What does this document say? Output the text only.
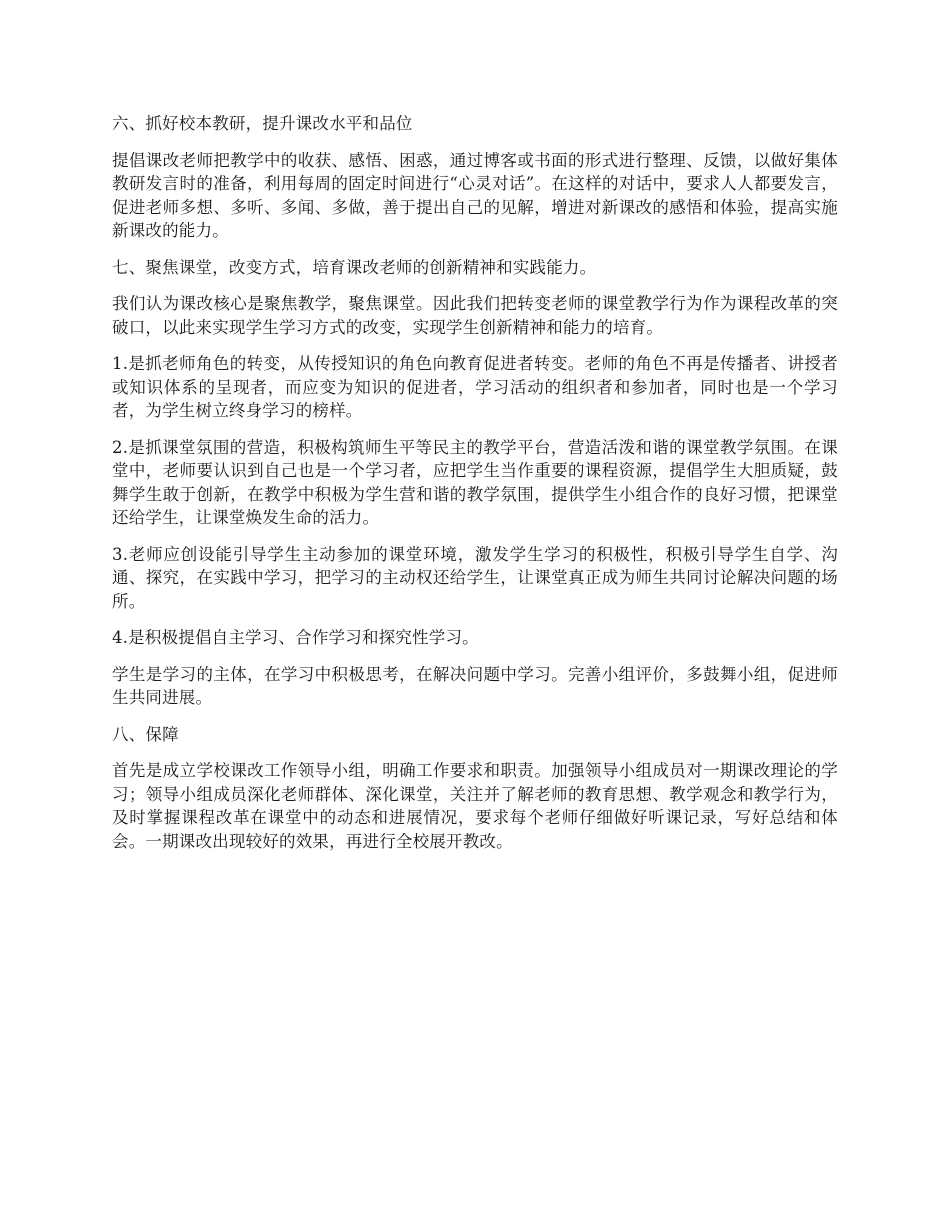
六、抓好校本教研，提升课改水平和品位

提倡课改老师把教学中的收获、感悟、困惑，通过博客或书面的形式进行整理、反馈，以做好集体教研发言时的准备，利用每周的固定时间进行“心灵对话”。在这样的对话中，要求人人都要发言，促进老师多想、多听、多闻、多做，善于提出自己的见解，增进对新课改的感悟和体验，提高实施新课改的能力。

七、聚焦课堂，改变方式，培育课改老师的创新精神和实践能力。

我们认为课改核心是聚焦教学，聚焦课堂。因此我们把转变老师的课堂教学行为作为课程改革的突破口，以此来实现学生学习方式的改变，实现学生创新精神和能力的培育。

1.是抓老师角色的转变，从传授知识的角色向教育促进者转变。老师的角色不再是传播者、讲授者或知识体系的呈现者，而应变为知识的促进者，学习活动的组织者和参加者，同时也是一个学习者，为学生树立终身学习的榜样。

2.是抓课堂氛围的营造，积极构筑师生平等民主的教学平台，营造活泼和谐的课堂教学氛围。在课堂中，老师要认识到自己也是一个学习者，应把学生当作重要的课程资源，提倡学生大胆质疑，鼓舞学生敢于创新，在教学中积极为学生营和谐的教学氛围，提供学生小组合作的良好习惯，把课堂还给学生，让课堂焕发生命的活力。

3.老师应创设能引导学生主动参加的课堂环境，激发学生学习的积极性，积极引导学生自学、沟通、探究，在实践中学习，把学习的主动权还给学生，让课堂真正成为师生共同讨论解决问题的场所。

4.是积极提倡自主学习、合作学习和探究性学习。

学生是学习的主体，在学习中积极思考，在解决问题中学习。完善小组评价，多鼓舞小组，促进师生共同进展。

八、保障

首先是成立学校课改工作领导小组，明确工作要求和职责。加强领导小组成员对一期课改理论的学习；领导小组成员深化老师群体、深化课堂，关注并了解老师的教育思想、教学观念和教学行为，及时掌握课程改革在课堂中的动态和进展情况，要求每个老师仔细做好听课记录，写好总结和体会。一期课改出现较好的效果，再进行全校展开教改。
